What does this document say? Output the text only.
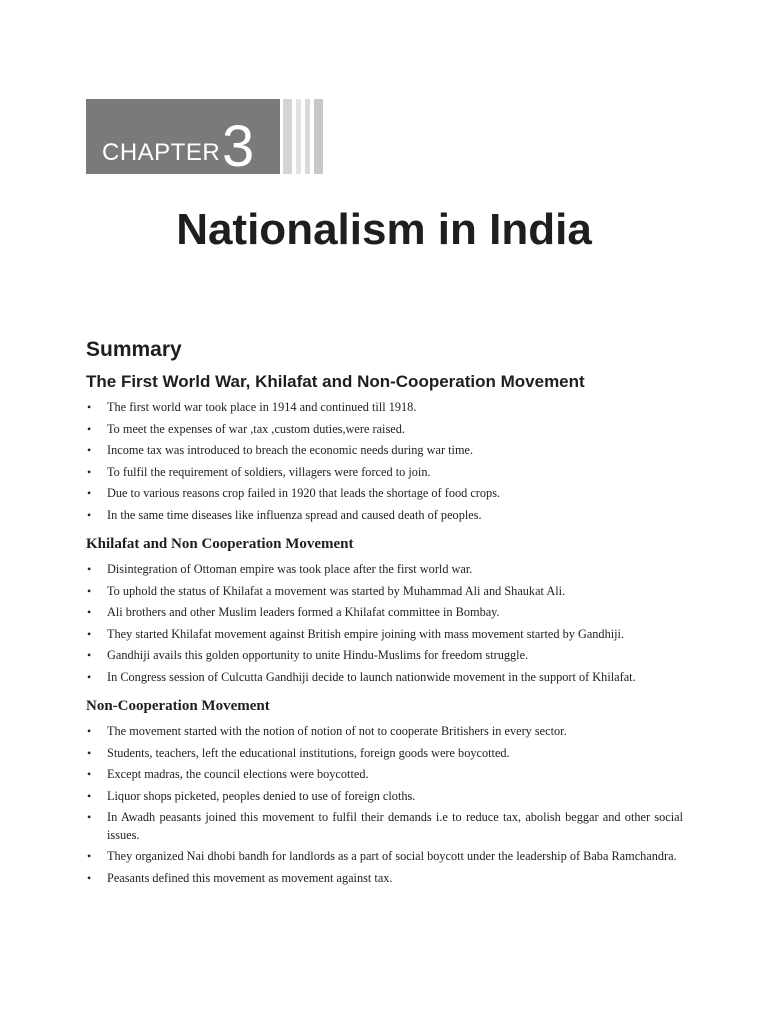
CHAPTER 3
Nationalism in India
Summary
The First World War, Khilafat and Non-Cooperation Movement
• The first world war took place in 1914 and continued till 1918.
• To meet the expenses of war ,tax ,custom duties,were raised.
• Income tax was introduced to breach the economic needs during war time.
• To fulfil the requirement of soldiers, villagers were forced to join.
• Due to various reasons crop failed in 1920 that leads the shortage of food crops.
• In the same time diseases like influenza spread and caused death of peoples.
Khilafat and Non Cooperation Movement
• Disintegration of Ottoman empire was took place after the first world war.
• To uphold the status of Khilafat a movement was started by Muhammad Ali and Shaukat Ali.
• Ali brothers and other Muslim leaders formed a Khilafat committee in Bombay.
• They started Khilafat movement against British empire joining with mass movement started by Gandhiji.
• Gandhiji avails this golden opportunity to unite Hindu-Muslims for freedom struggle.
• In Congress session of Culcutta Gandhiji decide to launch nationwide movement in the support of Khilafat.
Non-Cooperation Movement
• The movement started with the notion of notion of not to cooperate Britishers in every sector.
• Students, teachers, left the educational institutions, foreign goods were boycotted.
• Except madras, the council elections were boycotted.
• Liquor shops picketed, peoples denied to use of foreign cloths.
• In Awadh peasants joined this movement to fulfil their demands i.e to reduce tax, abolish beggar and other social issues.
• They organized Nai dhobi bandh for landlords as a part of social boycott under the leadership of Baba Ramchandra.
• Peasants defined this movement as movement against tax.
